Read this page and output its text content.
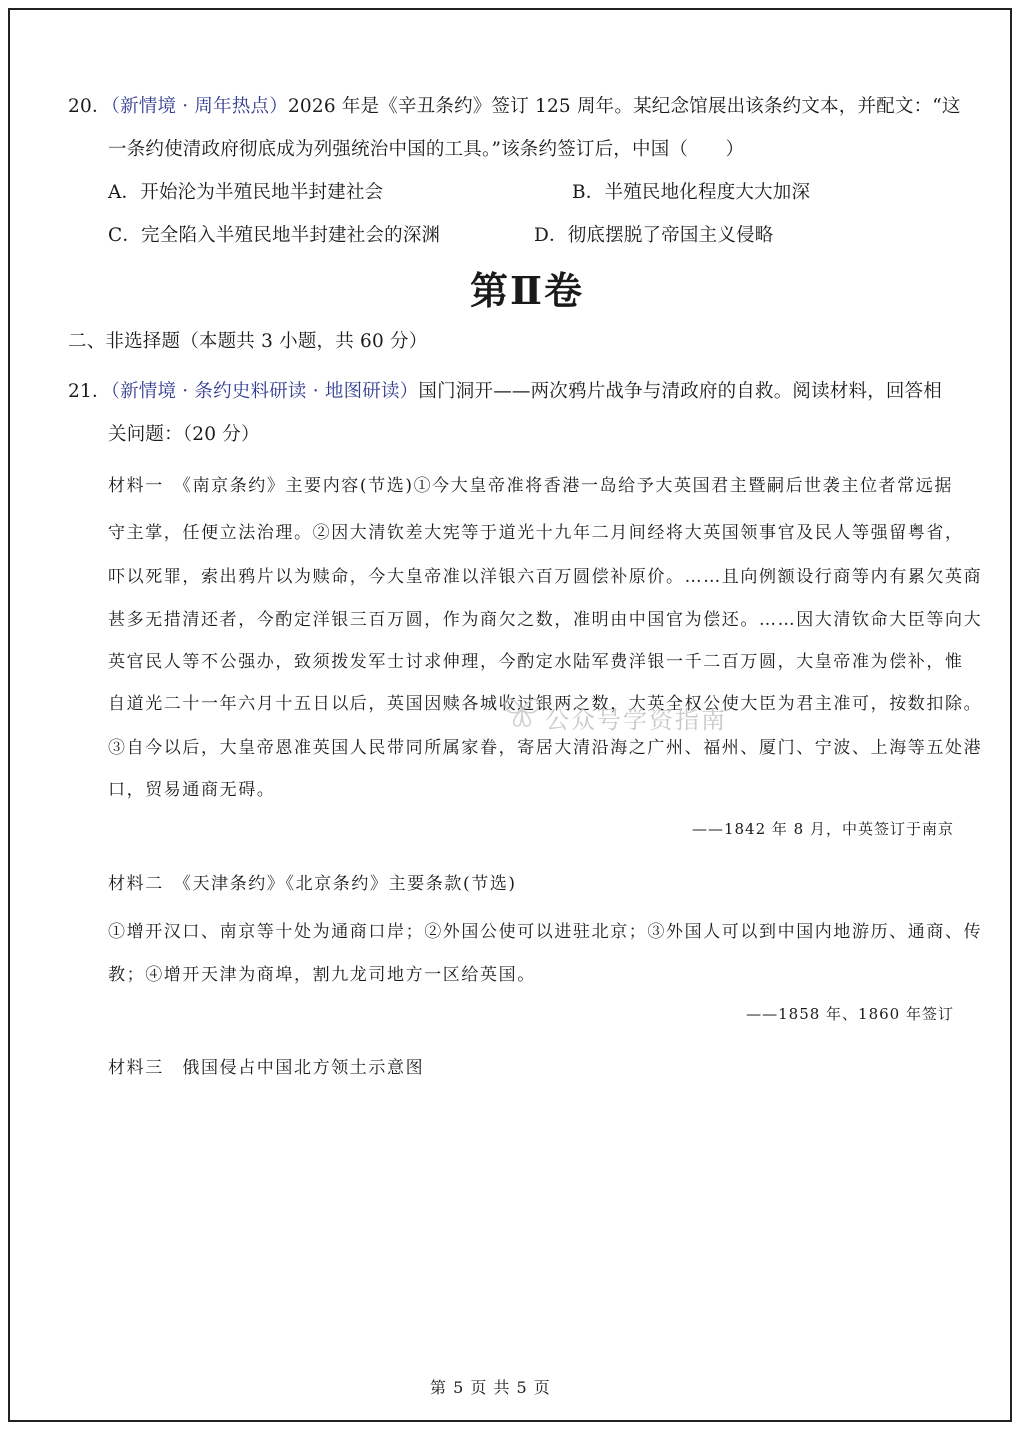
20．（新情境 · 周年热点）2026 年是《辛丑条约》签订 125 周年。某纪念馆展出该条约文本，并配文：“这
一条约使清政府彻底成为列强统治中国的工具。”该条约签订后，中国（　　）
A．开始沦为半殖民地半封建社会	B．半殖民地化程度大大加深
C．完全陷入半殖民地半封建社会的深渊	D．彻底摆脱了帝国主义侵略
第Ⅱ卷
二、非选择题（本题共 3 小题，共 60 分）
21．（新情境 · 条约史料研读 · 地图研读）国门洞开——两次鸦片战争与清政府的自救。阅读材料，回答相
关问题：（20 分）
材料一　《南京条约》主要内容(节选)①今大皇帝准将香港一岛给予大英国君主暨嗣后世袭主位者常远据
守主掌，任便立法治理。②因大清钦差大宪等于道光十九年二月间经将大英国领事官及民人等强留粤省，
吓以死罪，索出鸦片以为赎命，今大皇帝准以洋银六百万圆偿补原价。……且向例额设行商等内有累欠英商
甚多无措清还者，今酌定洋银三百万圆，作为商欠之数，准明由中国官为偿还。……因大清钦命大臣等向大
英官民人等不公强办，致须拨发军士讨求伸理，今酌定水陆军费洋银一千二百万圆，大皇帝准为偿补，惟
自道光二十一年六月十五日以后，英国因赎各城收过银两之数，大英全权公使大臣为君主准可，按数扣除。
③自今以后，大皇帝恩准英国人民带同所属家眷，寄居大清沿海之广州、福州、厦门、宁波、上海等五处港
口，贸易通商无碍。
——1842 年 8 月，中英签订于南京
材料二　《天津条约》《北京条约》主要条款(节选)
①增开汉口、南京等十处为通商口岸；②外国公使可以进驻北京；③外国人可以到中国内地游历、通商、传
教；④增开天津为商埠，割九龙司地方一区给英国。
——1858 年、1860 年签订
材料三　俄国侵占中国北方领土示意图
公众号学资指南
第 5 页 共 5 页
